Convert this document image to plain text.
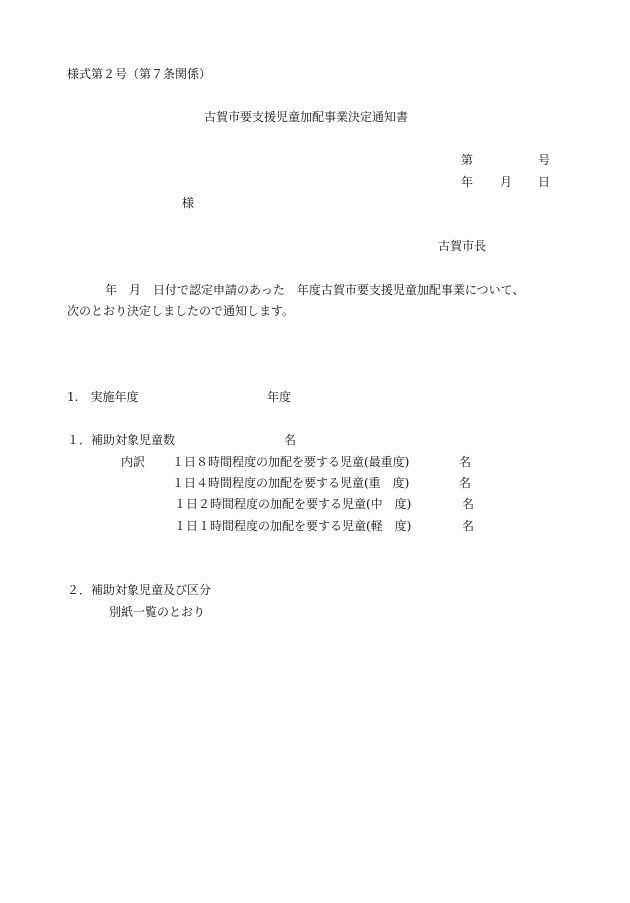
様式第２号（第７条関係）
古賀市要支援児童加配事業決定通知書
第	号
年 月 日
様
古賀市長
年　月　日付で認定申請のあった　年度古賀市要支援児童加配事業について、
次のとおり決定しましたので通知します。
1.　実施年度	年度
１．補助対象児童数	名
内訳 １日８時間程度の加配を要する児童(最重度)	名
１日４時間程度の加配を要する児童(重　度)	名
１日２時間程度の加配を要する児童(中　度)	名
１日１時間程度の加配を要する児童(軽　度)	名
２．補助対象児童及び区分
別紙一覧のとおり
